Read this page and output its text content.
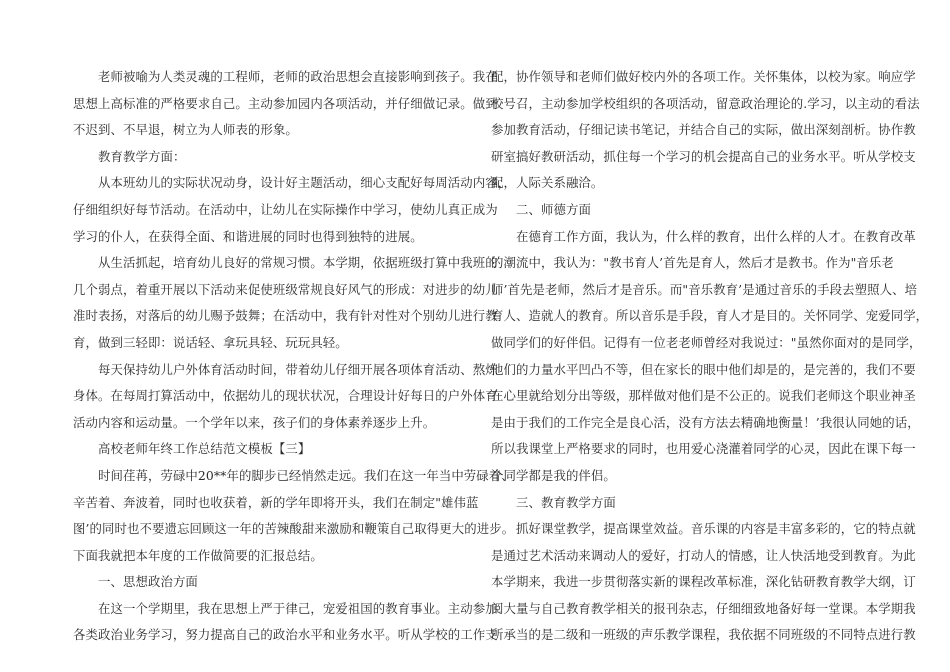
老师被喻为人类灵魂的工程师，老师的政治思想会直接影响到孩子。我在
思想上高标准的严格要求自己。主动参加园内各项活动，并仔细做记录。做到
不迟到、不早退，树立为人师表的形象。
教育教学方面：
从本班幼儿的实际状况动身，设计好主题活动，细心支配好每周活动内容，
仔细组织好每节活动。在活动中，让幼儿在实际操作中学习，使幼儿真正成为
学习的仆人，在获得全面、和谐进展的同时也得到独特的进展。
从生活抓起，培育幼儿良好的常规习惯。本学期，依据班级打算中我班的
几个弱点，着重开展以下活动来促使班级常规良好风气的形成：对进步的幼儿
准时表扬，对落后的幼儿赐予鼓舞；在活动中，我有针对性对个别幼儿进行教
育，做到三轻即：说话轻、拿玩具轻、玩玩具轻。
每天保持幼儿户外体育活动时间，带着幼儿仔细开展各项体育活动、熬炼
身体。在每周打算活动中，依据幼儿的现状状况，合理设计好每日的户外体育
活动内容和运动量。一个学年以来，孩子们的身体素养逐步上升。
高校老师年终工作总结范文模板【三】
时间荏苒，劳碌中20**年的脚步已经悄然走远。我们在这一年当中劳碌着、
辛苦着、奔波着，同时也收获着，新的学年即将开头，我们在制定"雄伟蓝
图’的同时也不要遗忘回顾这一年的苦辣酸甜来激励和鞭策自己取得更大的进步。
下面我就把本年度的工作做简要的汇报总结。
一、思想政治方面
在这一个学期里，我在思想上严于律己，宠爱祖国的教育事业。主动参加
各类政治业务学习，努力提高自己的政治水平和业务水平。听从学校的工作支
配，协作领导和老师们做好校内外的各项工作。关怀集体，以校为家。响应学
校号召，主动参加学校组织的各项活动，留意政治理论的.学习，以主动的看法
参加教育活动，仔细记读书笔记，并结合自己的实际，做出深刻剖析。协作教
研室搞好教研活动，抓住每一个学习的机会提高自己的业务水平。听从学校支
配，人际关系融洽。
二、师德方面
在德育工作方面，我认为，什么样的教育，出什么样的人才。在教育改革
的潮流中，我认为："教书育人’首先是育人，然后才是教书。作为"音乐老
师’首先是老师，然后才是音乐。而"音乐教育’是通过音乐的手段去塑照人、培
育人、造就人的教育。所以音乐是手段，育人才是目的。关怀同学、宠爱同学，
做同学们的好伴侣。记得有一位老老师曾经对我说过："虽然你面对的是同学，
他们的力量水平凹凸不等，但在家长的眼中他们却是的，是完善的，我们不要
在心里就给划分出等级，那样做对他们是不公正的。说我们老师这个职业神圣
是由于我们的工作完全是良心活，没有方法去精确地衡量！’我很认同她的话，
所以我课堂上严格要求的同时，也用爱心浇灌着同学的心灵，因此在课下每一
个同学都是我的伴侣。
三、教育教学方面
抓好课堂教学，提高课堂效益。音乐课的内容是丰富多彩的，它的特点就
是通过艺术活动来调动人的爱好，打动人的情感，让人快活地受到教育。为此
本学期来，我进一步贯彻落实新的课程改革标准，深化钻研教育教学大纲，订
阅大量与自己教育教学相关的报刊杂志，仔细细致地备好每一堂课。本学期我
所承当的是二级和一班级的声乐教学课程，我依据不同班级的不同特点进行教
